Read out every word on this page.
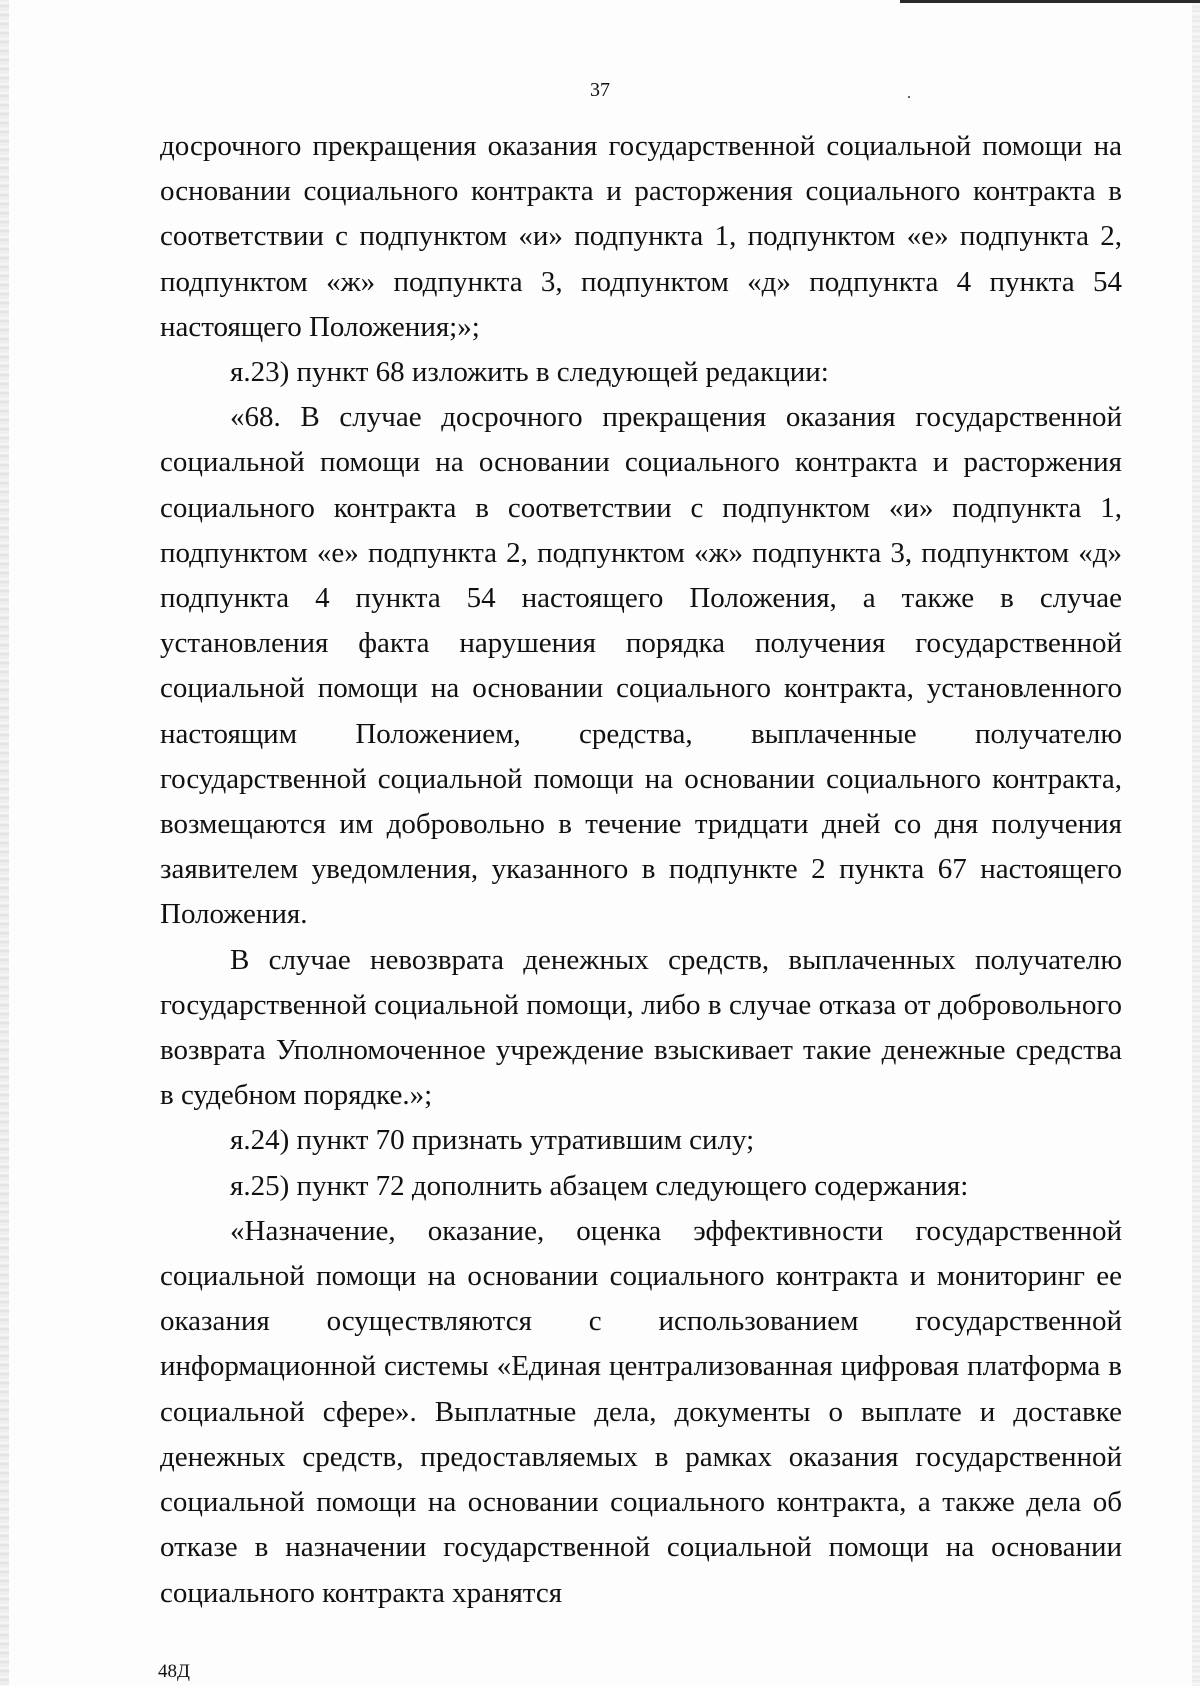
37

досрочного прекращения оказания государственной социальной помощи на основании социального контракта и расторжения социального контракта в соответствии с подпунктом «и» подпункта 1, подпунктом «е» подпункта 2, подпунктом «ж» подпункта 3, подпунктом «д» подпункта 4 пункта 54 настоящего Положения;»;

я.23) пункт 68 изложить в следующей редакции:

«68. В случае досрочного прекращения оказания государственной социальной помощи на основании социального контракта и расторжения социального контракта в соответствии с подпунктом «и» подпункта 1, подпунктом «е» подпункта 2, подпунктом «ж» подпункта 3, подпунктом «д» подпункта 4 пункта 54 настоящего Положения, а также в случае установления факта нарушения порядка получения государственной социальной помощи на основании социального контракта, установленного настоящим Положением, средства, выплаченные получателю государственной социальной помощи на основании социального контракта, возмещаются им добровольно в течение тридцати дней со дня получения заявителем уведомления, указанного в подпункте 2 пункта 67 настоящего Положения.

В случае невозврата денежных средств, выплаченных получателю государственной социальной помощи, либо в случае отказа от добровольного возврата Уполномоченное учреждение взыскивает такие денежные средства в судебном порядке.»;

я.24) пункт 70 признать утратившим силу;

я.25) пункт 72 дополнить абзацем следующего содержания:

«Назначение, оказание, оценка эффективности государственной социальной помощи на основании социального контракта и мониторинг ее оказания осуществляются с использованием государственной информационной системы «Единая централизованная цифровая платформа в социальной сфере». Выплатные дела, документы о выплате и доставке денежных средств, предоставляемых в рамках оказания государственной социальной помощи на основании социального контракта, а также дела об отказе в назначении государственной социальной помощи на основании социального контракта хранятся

48Д
